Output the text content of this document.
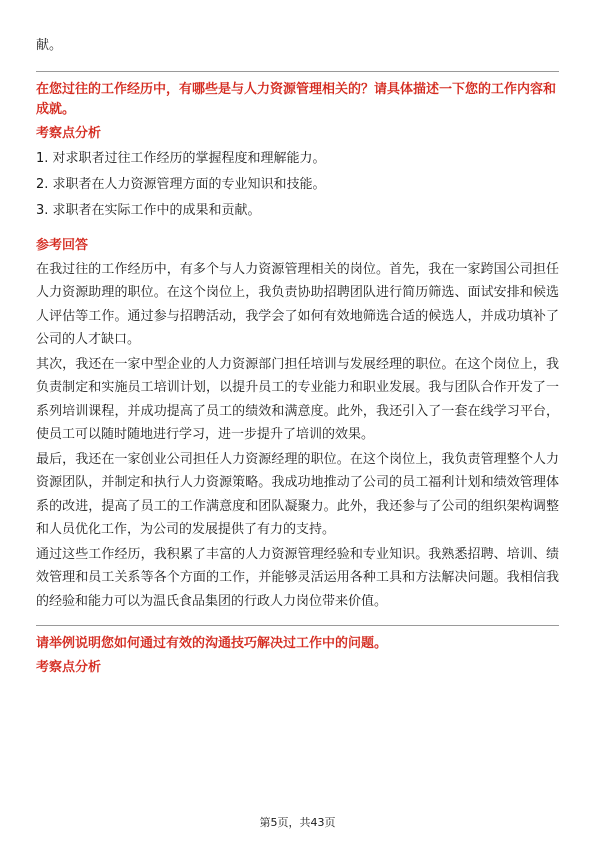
献。

在您过往的工作经历中，有哪些是与人力资源管理相关的？请具体描述一下您的工作内容和成就。

考察点分析

1. 对求职者过往工作经历的掌握程度和理解能力。

2. 求职者在人力资源管理方面的专业知识和技能。

3. 求职者在实际工作中的成果和贡献。

参考回答

在我过往的工作经历中，有多个与人力资源管理相关的岗位。首先，我在一家跨国公司担任人力资源助理的职位。在这个岗位上，我负责协助招聘团队进行简历筛选、面试安排和候选人评估等工作。通过参与招聘活动，我学会了如何有效地筛选合适的候选人，并成功填补了公司的人才缺口。

其次，我还在一家中型企业的人力资源部门担任培训与发展经理的职位。在这个岗位上，我负责制定和实施员工培训计划，以提升员工的专业能力和职业发展。我与团队合作开发了一系列培训课程，并成功提高了员工的绩效和满意度。此外，我还引入了一套在线学习平台，使员工可以随时随地进行学习，进一步提升了培训的效果。

最后，我还在一家创业公司担任人力资源经理的职位。在这个岗位上，我负责管理整个人力资源团队，并制定和执行人力资源策略。我成功地推动了公司的员工福利计划和绩效管理体系的改进，提高了员工的工作满意度和团队凝聚力。此外，我还参与了公司的组织架构调整和人员优化工作，为公司的发展提供了有力的支持。

通过这些工作经历，我积累了丰富的人力资源管理经验和专业知识。我熟悉招聘、培训、绩效管理和员工关系等各个方面的工作，并能够灵活运用各种工具和方法解决问题。我相信我的经验和能力可以为温氏食品集团的行政人力岗位带来价值。

请举例说明您如何通过有效的沟通技巧解决过工作中的问题。

考察点分析

第5页，共43页
